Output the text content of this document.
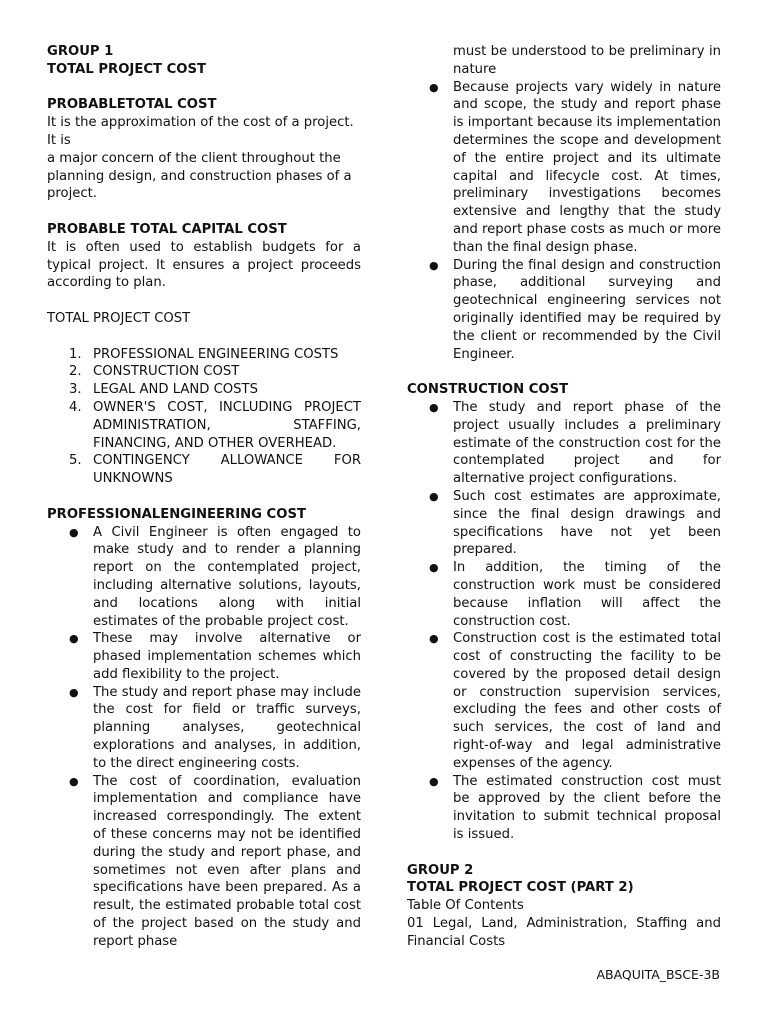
GROUP 1

TOTAL PROJECT COST

PROBABLETOTAL COST

It is the approximation of the cost of a project. It is

a major concern of the client throughout the planning design, and construction phases of a project.

PROBABLE TOTAL CAPITAL COST

It is often used to establish budgets for a typical project. It ensures a project proceeds according to plan.

TOTAL PROJECT COST

1. PROFESSIONAL ENGINEERING COSTS
2. CONSTRUCTION COST
3. LEGAL AND LAND COSTS
4. OWNER'S COST, INCLUDING PROJECT ADMINISTRATION, STAFFING, FINANCING, AND OTHER OVERHEAD.
5. CONTINGENCY ALLOWANCE FOR UNKNOWNS

PROFESSIONALENGINEERING COST

● A Civil Engineer is often engaged to make study and to render a planning report on the contemplated project, including alternative solutions, layouts, and locations along with initial estimates of the probable project cost.
● These may involve alternative or phased implementation schemes which add flexibility to the project.
● The study and report phase may include the cost for field or traffic surveys, planning analyses, geotechnical explorations and analyses, in addition, to the direct engineering costs.
● The cost of coordination, evaluation implementation and compliance have increased correspondingly. The extent of these concerns may not be identified during the study and report phase, and sometimes not even after plans and specifications have been prepared. As a result, the estimated probable total cost of the project based on the study and report phase

must be understood to be preliminary in nature

● Because projects vary widely in nature and scope, the study and report phase is important because its implementation determines the scope and development of the entire project and its ultimate capital and lifecycle cost. At times, preliminary investigations becomes extensive and lengthy that the study and report phase costs as much or more than the final design phase.
● During the final design and construction phase, additional surveying and geotechnical engineering services not originally identified may be required by the client or recommended by the Civil Engineer.

CONSTRUCTION COST

● The study and report phase of the project usually includes a preliminary estimate of the construction cost for the contemplated project and for alternative project configurations.
● Such cost estimates are approximate, since the final design drawings and specifications have not yet been prepared.
● In addition, the timing of the construction work must be considered because inflation will affect the construction cost.
● Construction cost is the estimated total cost of constructing the facility to be covered by the proposed detail design or construction supervision services, excluding the fees and other costs of such services, the cost of land and right-of-way and legal administrative expenses of the agency.
● The estimated construction cost must be approved by the client before the invitation to submit technical proposal is issued.

GROUP 2

TOTAL PROJECT COST (PART 2)

Table Of Contents

01 Legal, Land, Administration, Staffing and Financial Costs

ABAQUITA_BSCE-3B
